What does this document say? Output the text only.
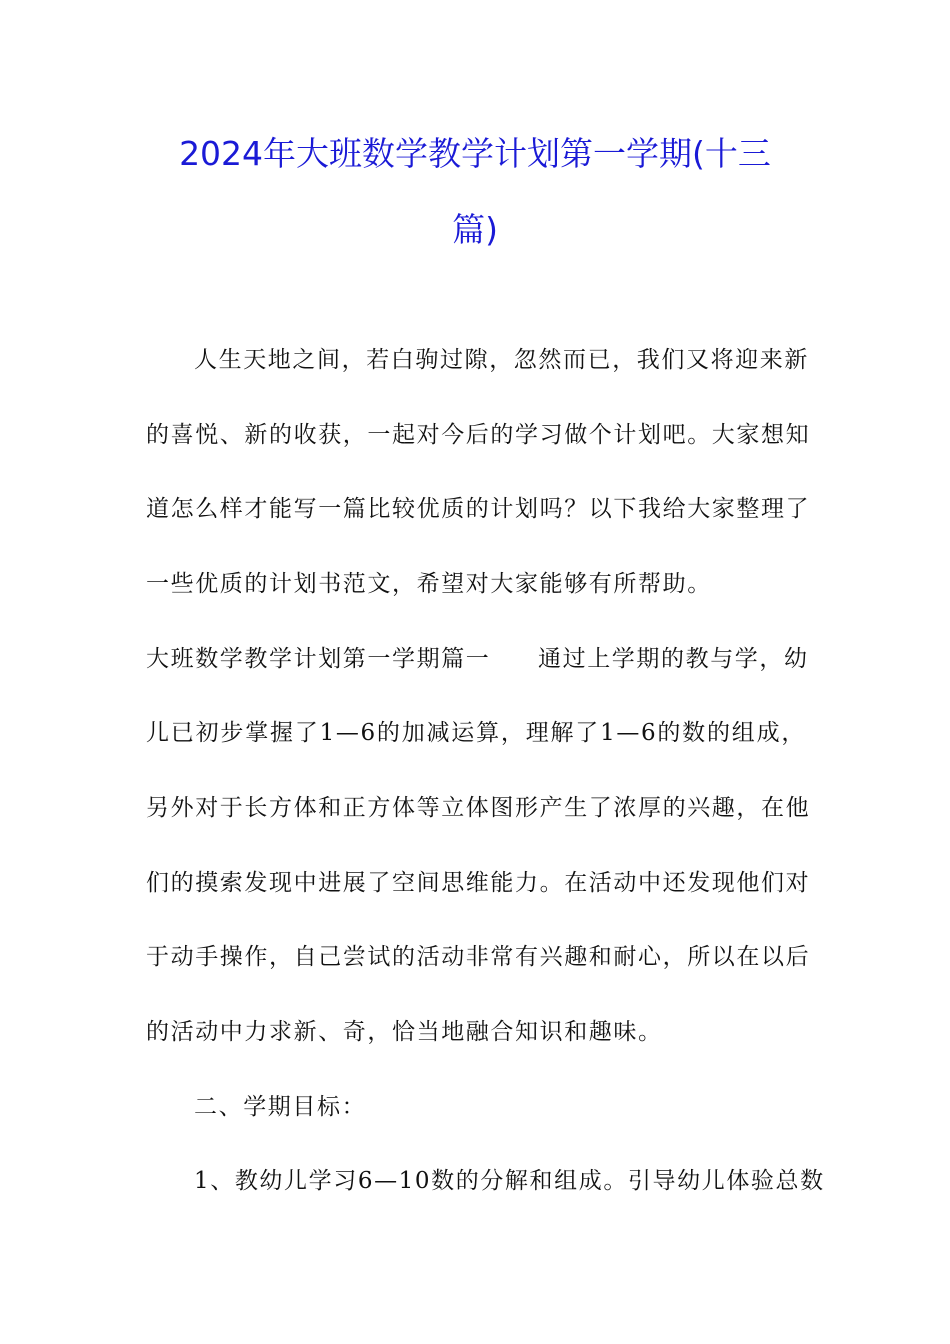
2024年大班数学教学计划第一学期(十三
篇)
人生天地之间，若白驹过隙，忽然而已，我们又将迎来新
的喜悦、新的收获，一起对今后的学习做个计划吧。大家想知
道怎么样才能写一篇比较优质的计划吗？以下我给大家整理了
一些优质的计划书范文，希望对大家能够有所帮助。
大班数学教学计划第一学期篇一 通过上学期的教与学，幼
儿已初步掌握了1—6的加减运算，理解了1—6的数的组成，
另外对于长方体和正方体等立体图形产生了浓厚的兴趣，在他
们的摸索发现中进展了空间思维能力。在活动中还发现他们对
于动手操作，自己尝试的活动非常有兴趣和耐心，所以在以后
的活动中力求新、奇，恰当地融合知识和趣味。
二、学期目标：
1、教幼儿学习6—10数的分解和组成。引导幼儿体验总数
